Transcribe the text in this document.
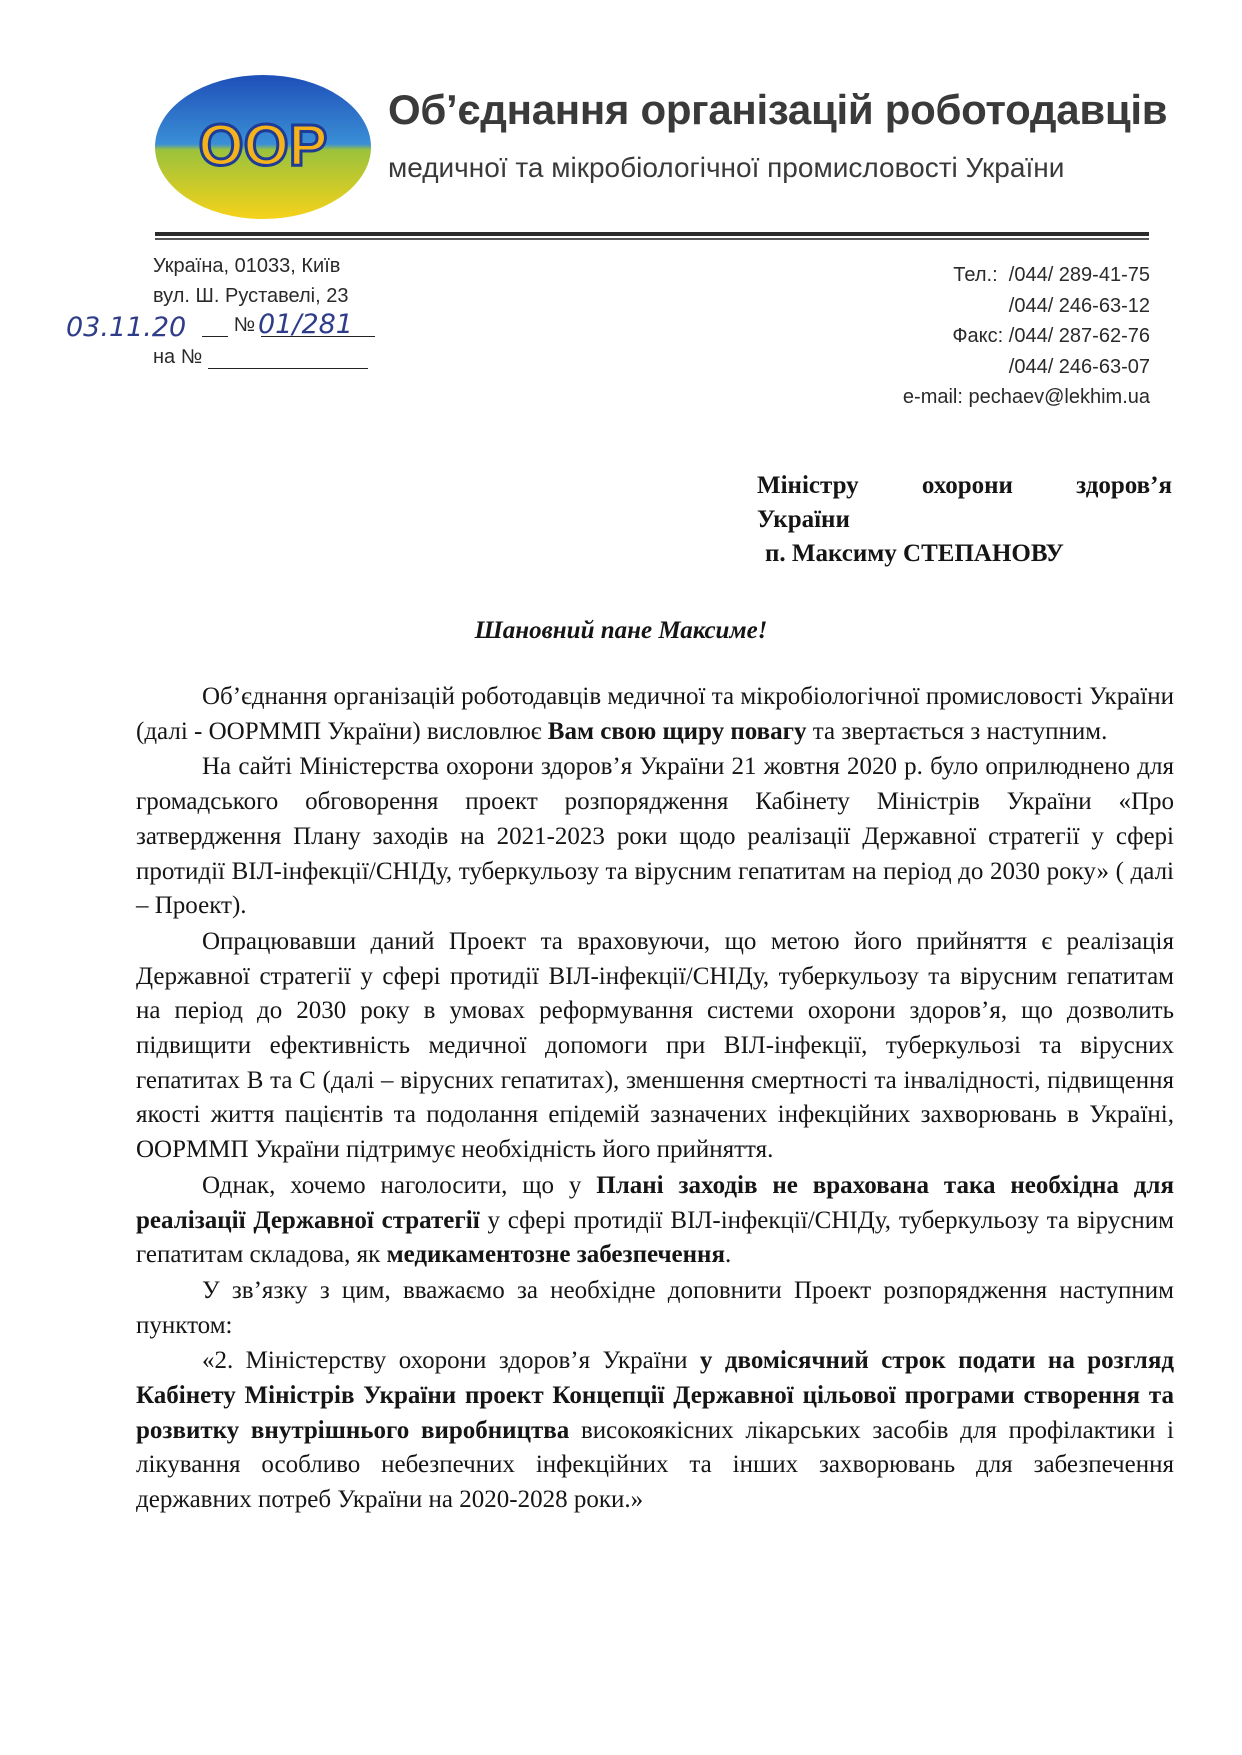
ООР
Об’єднання організацій роботодавців
медичної та мікробіологічної промисловості України
Україна, 01033, Київ
вул. Ш. Руставелі, 23
03.11.20	№ 01/281
на №
Тел.: /044/ 289-41-75
/044/ 246-63-12
Факс: /044/ 287-62-76
/044/ 246-63-07
e-mail: pechaev@lekhim.ua
Міністру	охорони	здоров’я
України
п. Максиму СТЕПАНОВУ
Шановний пане Максиме!

Об’єднання організацій роботодавців медичної та мікробіологічної промисловості України (далі - ООРММП України) висловлює Вам свою щиру повагу та звертається з наступним.

На сайті Міністерства охорони здоров’я України 21 жовтня 2020 р. було оприлюднено для громадського обговорення проект розпорядження Кабінету Міністрів України «Про затвердження Плану заходів на 2021-2023 роки щодо реалізації Державної стратегії у сфері протидії ВІЛ-інфекції/СНІДу, туберкульозу та вірусним гепатитам на період до 2030 року» ( далі – Проект).

Опрацювавши даний Проект та враховуючи, що метою його прийняття є реалізація Державної стратегії у сфері протидії ВІЛ-інфекції/СНІДу, туберкульозу та вірусним гепатитам на період до 2030 року в умовах реформування системи охорони здоров’я, що дозволить підвищити ефективність медичної допомоги при ВІЛ-інфекції, туберкульозі та вірусних гепатитах В та С (далі – вірусних гепатитах), зменшення смертності та інвалідності, підвищення якості життя пацієнтів та подолання епідемій зазначених інфекційних захворювань в Україні, ООРММП України підтримує необхідність його прийняття.

Однак, хочемо наголосити, що у Плані заходів не врахована така необхідна для реалізації Державної стратегії у сфері протидії ВІЛ-інфекції/СНІДу, туберкульозу та вірусним гепатитам складова, як медикаментозне забезпечення.

У зв’язку з цим, вважаємо за необхідне доповнити Проект розпорядження наступним пунктом:

«2. Міністерству охорони здоров’я України у двомісячний строк подати на розгляд Кабінету Міністрів України проект Концепції Державної цільової програми створення та розвитку внутрішнього виробництва високоякісних лікарських засобів для профілактики і лікування особливо небезпечних інфекційних та інших захворювань для забезпечення державних потреб України на 2020-2028 роки.»
